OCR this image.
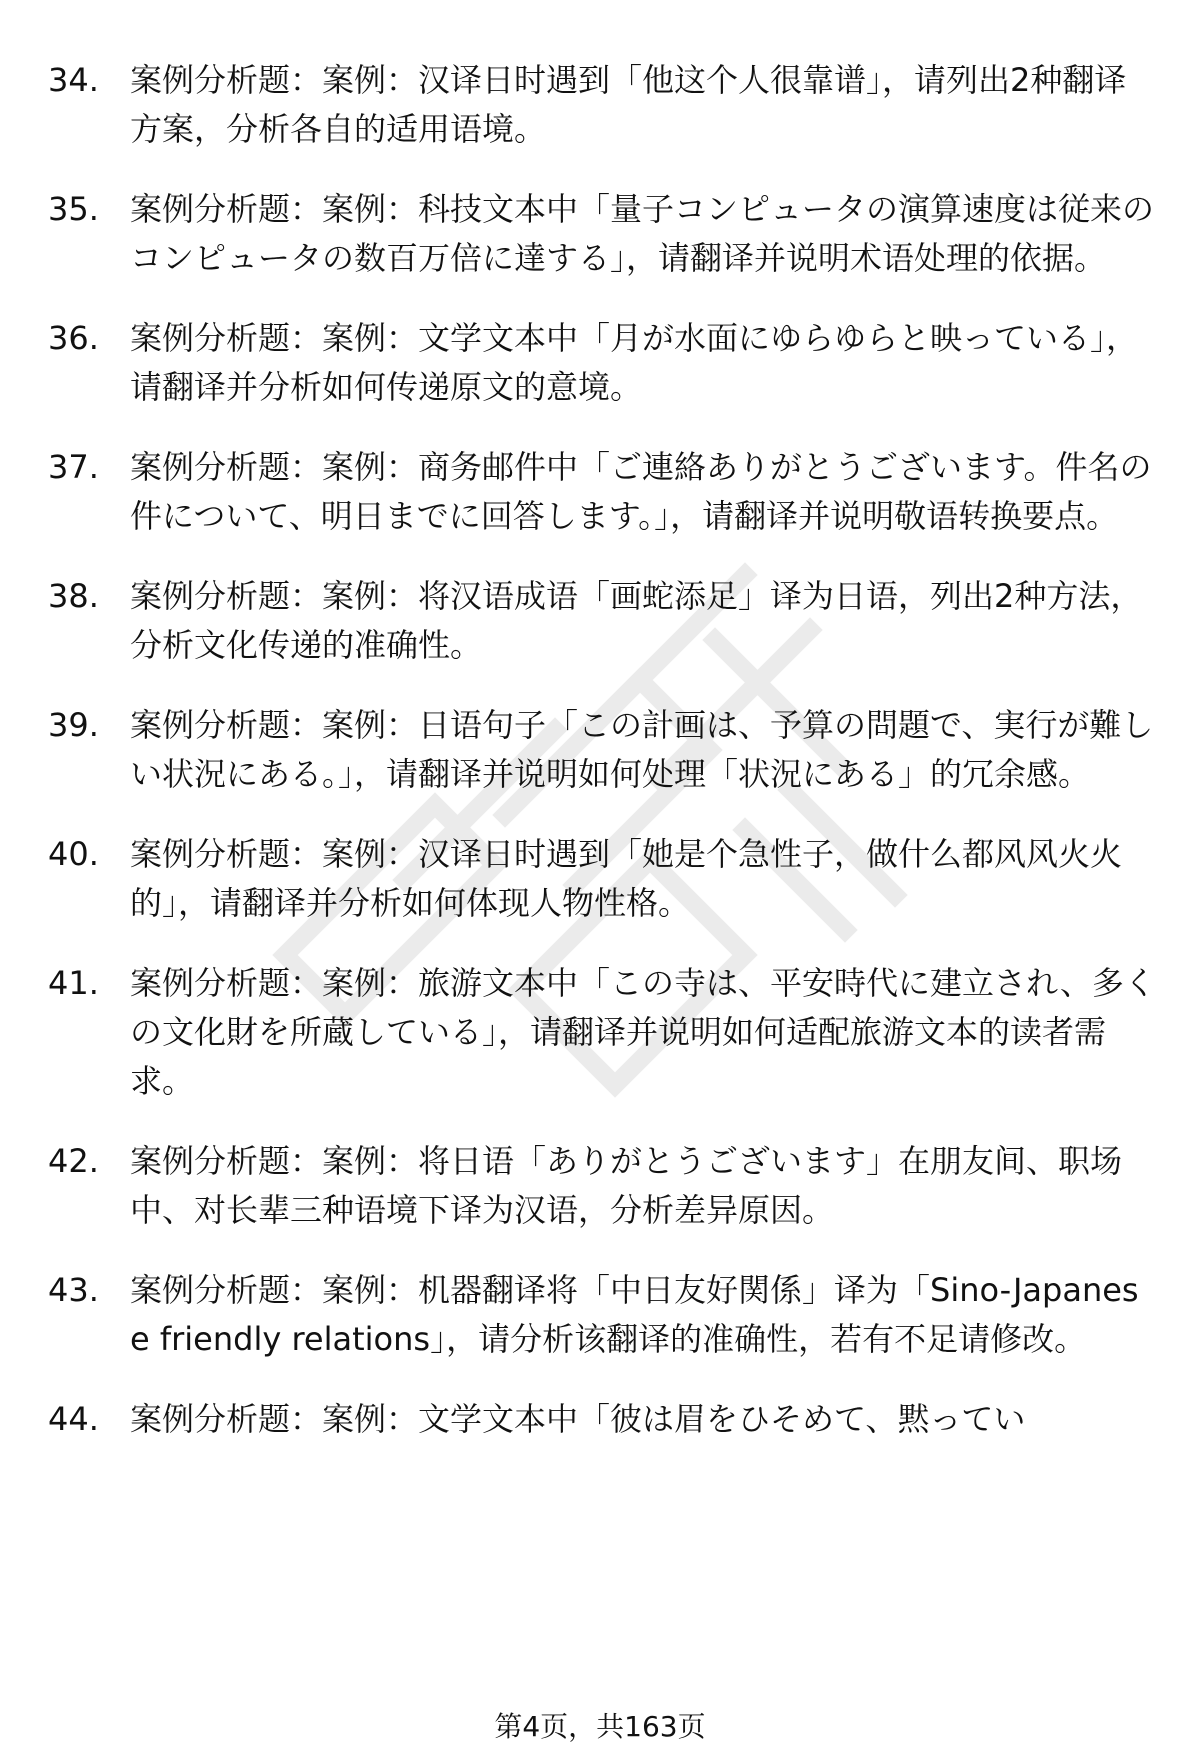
34. 案例分析题：案例：汉译日时遇到「他这个人很靠谱」，请列出2种翻译方案，分析各自的适用语境。
35. 案例分析题：案例：科技文本中「量子コンピュータの演算速度は従来のコンピュータの数百万倍に達する」，请翻译并说明术语处理的依据。
36. 案例分析题：案例：文学文本中「月が水面にゆらゆらと映っている」，请翻译并分析如何传递原文的意境。
37. 案例分析题：案例：商务邮件中「ご連絡ありがとうございます。件名の件について、明日までに回答します。」，请翻译并说明敬语转换要点。
38. 案例分析题：案例：将汉语成语「画蛇添足」译为日语，列出2种方法，分析文化传递的准确性。
39. 案例分析题：案例：日语句子「この計画は、予算の問題で、実行が難しい状況にある。」，请翻译并说明如何处理「状況にある」的冗余感。
40. 案例分析题：案例：汉译日时遇到「她是个急性子，做什么都风风火火的」，请翻译并分析如何体现人物性格。
41. 案例分析题：案例：旅游文本中「この寺は、平安時代に建立され、多くの文化財を所蔵している」，请翻译并说明如何适配旅游文本的读者需求。
42. 案例分析题：案例：将日语「ありがとうございます」在朋友间、职场中、对长辈三种语境下译为汉语，分析差异原因。
43. 案例分析题：案例：机器翻译将「中日友好関係」译为「Sino-Japanese friendly relations」，请分析该翻译的准确性，若有不足请修改。
44. 案例分析题：案例：文学文本中「彼は眉をひそめて、黙ってい
第4页，共163页
